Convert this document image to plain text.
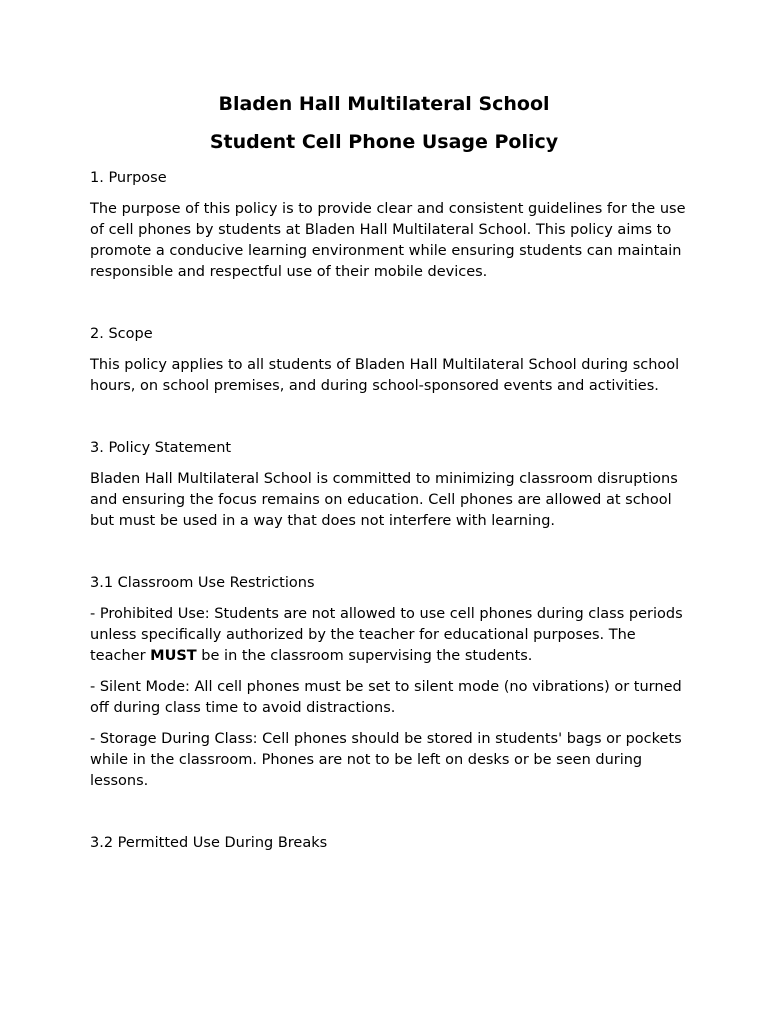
Bladen Hall Multilateral School
Student Cell Phone Usage Policy

1. Purpose

The purpose of this policy is to provide clear and consistent guidelines for the use of cell phones by students at Bladen Hall Multilateral School. This policy aims to promote a conducive learning environment while ensuring students can maintain responsible and respectful use of their mobile devices.

2. Scope

This policy applies to all students of Bladen Hall Multilateral School during school hours, on school premises, and during school-sponsored events and activities.

3. Policy Statement

Bladen Hall Multilateral School is committed to minimizing classroom disruptions and ensuring the focus remains on education. Cell phones are allowed at school but must be used in a way that does not interfere with learning.

3.1 Classroom Use Restrictions

- Prohibited Use: Students are not allowed to use cell phones during class periods unless specifically authorized by the teacher for educational purposes. The teacher MUST be in the classroom supervising the students.

- Silent Mode: All cell phones must be set to silent mode (no vibrations) or turned off during class time to avoid distractions.

- Storage During Class: Cell phones should be stored in students' bags or pockets while in the classroom. Phones are not to be left on desks or be seen during lessons.

3.2 Permitted Use During Breaks
